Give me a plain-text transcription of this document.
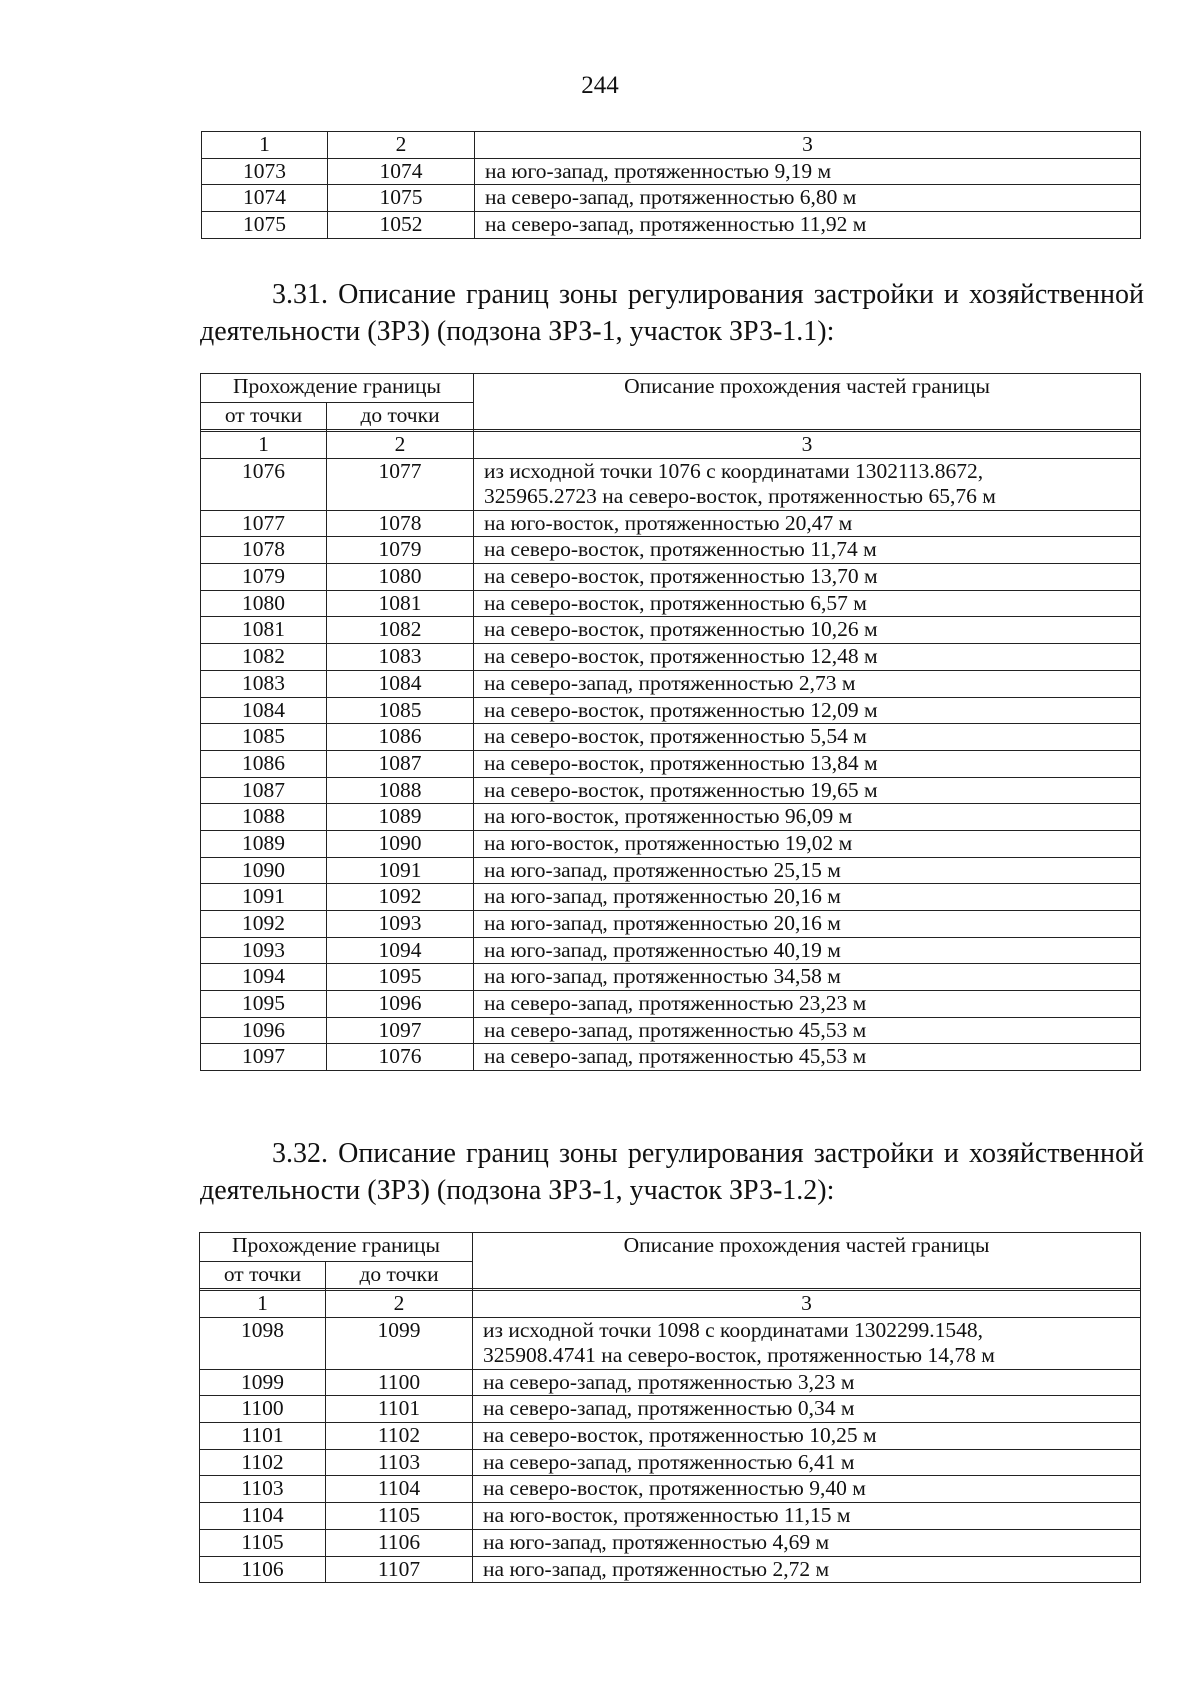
244
1	2	3
1073	1074	на юго-запад, протяженностью 9,19 м
1074	1075	на северо-запад, протяженностью 6,80 м
1075	1052	на северо-запад, протяженностью 11,92 м
3.31. Описание границ зоны регулирования застройки и хозяйственной
деятельности (ЗРЗ) (подзона ЗРЗ-1, участок ЗРЗ-1.1):
Прохождение границы		Описание прохождения частей границы
от точки	до точки	

1	2	3
1076	1077	из исходной точки 1076 с координатами 1302113.8672,
325965.2723 на северо-восток, протяженностью 65,76 м

1077	1078	на юго-восток, протяженностью 20,47 м
1078	1079	на северо-восток, протяженностью 11,74 м
1079	1080	на северо-восток, протяженностью 13,70 м
1080	1081	на северо-восток, протяженностью 6,57 м
1081	1082	на северо-восток, протяженностью 10,26 м
1082	1083	на северо-восток, протяженностью 12,48 м
1083	1084	на северо-запад, протяженностью 2,73 м
1084	1085	на северо-восток, протяженностью 12,09 м
1085	1086	на северо-восток, протяженностью 5,54 м
1086	1087	на северо-восток, протяженностью 13,84 м
1087	1088	на северо-восток, протяженностью 19,65 м
1088	1089	на юго-восток, протяженностью 96,09 м
1089	1090	на юго-восток, протяженностью 19,02 м
1090	1091	на юго-запад, протяженностью 25,15 м
1091	1092	на юго-запад, протяженностью 20,16 м
1092	1093	на юго-запад, протяженностью 20,16 м
1093	1094	на юго-запад, протяженностью 40,19 м
1094	1095	на юго-запад, протяженностью 34,58 м
1095	1096	на северо-запад, протяженностью 23,23 м
1096	1097	на северо-запад, протяженностью 45,53 м
1097	1076	на северо-запад, протяженностью 45,53 м
3.32. Описание границ зоны регулирования застройки и хозяйственной
деятельности (ЗРЗ) (подзона ЗРЗ-1, участок ЗРЗ-1.2):
Прохождение границы		Описание прохождения частей границы
от точки	до точки	

1	2	3
1098	1099	из исходной точки 1098 с координатами 1302299.1548,
325908.4741 на северо-восток, протяженностью 14,78 м

1099	1100	на северо-запад, протяженностью 3,23 м
1100	1101	на северо-запад, протяженностью 0,34 м
1101	1102	на северо-восток, протяженностью 10,25 м
1102	1103	на северо-запад, протяженностью 6,41 м
1103	1104	на северо-восток, протяженностью 9,40 м
1104	1105	на юго-восток, протяженностью 11,15 м
1105	1106	на юго-запад, протяженностью 4,69 м
1106	1107	на юго-запад, протяженностью 2,72 м
